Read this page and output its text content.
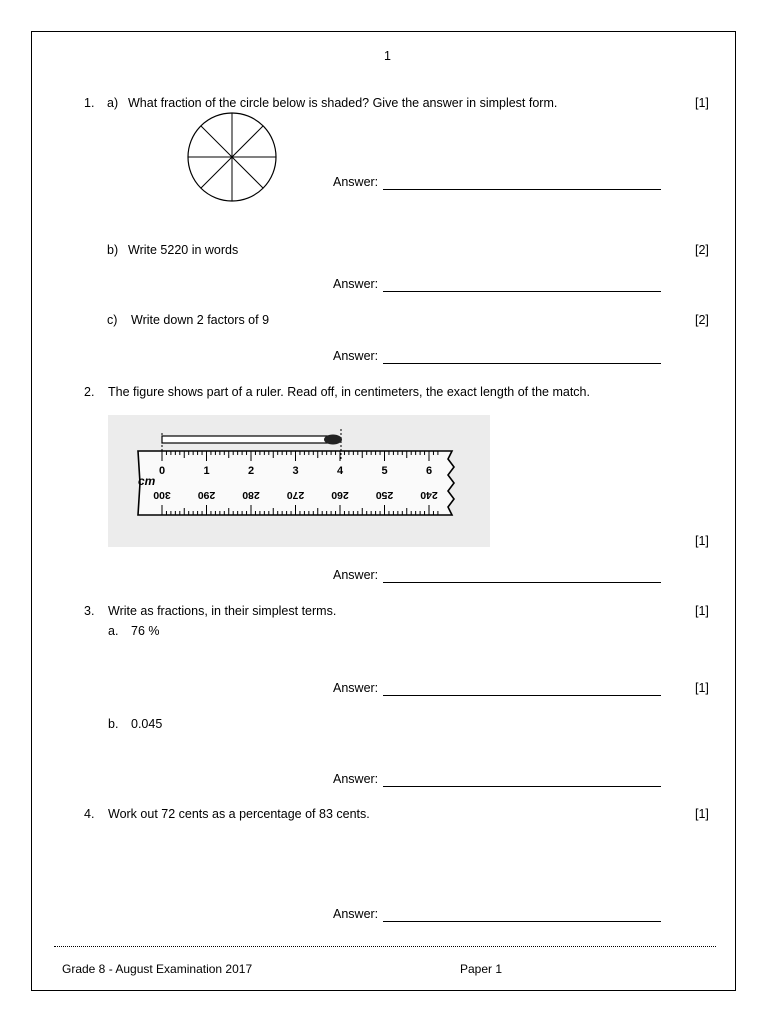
1
1. a) What fraction of the circle below is shaded? Give the answer in simplest form.	[1]
Answer:
b) Write 5220 in words	[2]
Answer:
c) Write down 2 factors of 9	[2]
Answer:
2. The figure shows part of a ruler. Read off, in centimeters, the exact length of the match.
0	1	2	3	4	5	6
300	290	280	270	260	250	240
cm
[1]
Answer:
3. Write as fractions, in their simplest terms.	[1]
a. 76 %
Answer:	[1]
b. 0.045
Answer:
4. Work out 72 cents as a percentage of 83 cents.	[1]
Answer:
Grade 8 - August Examination 2017	Paper 1
